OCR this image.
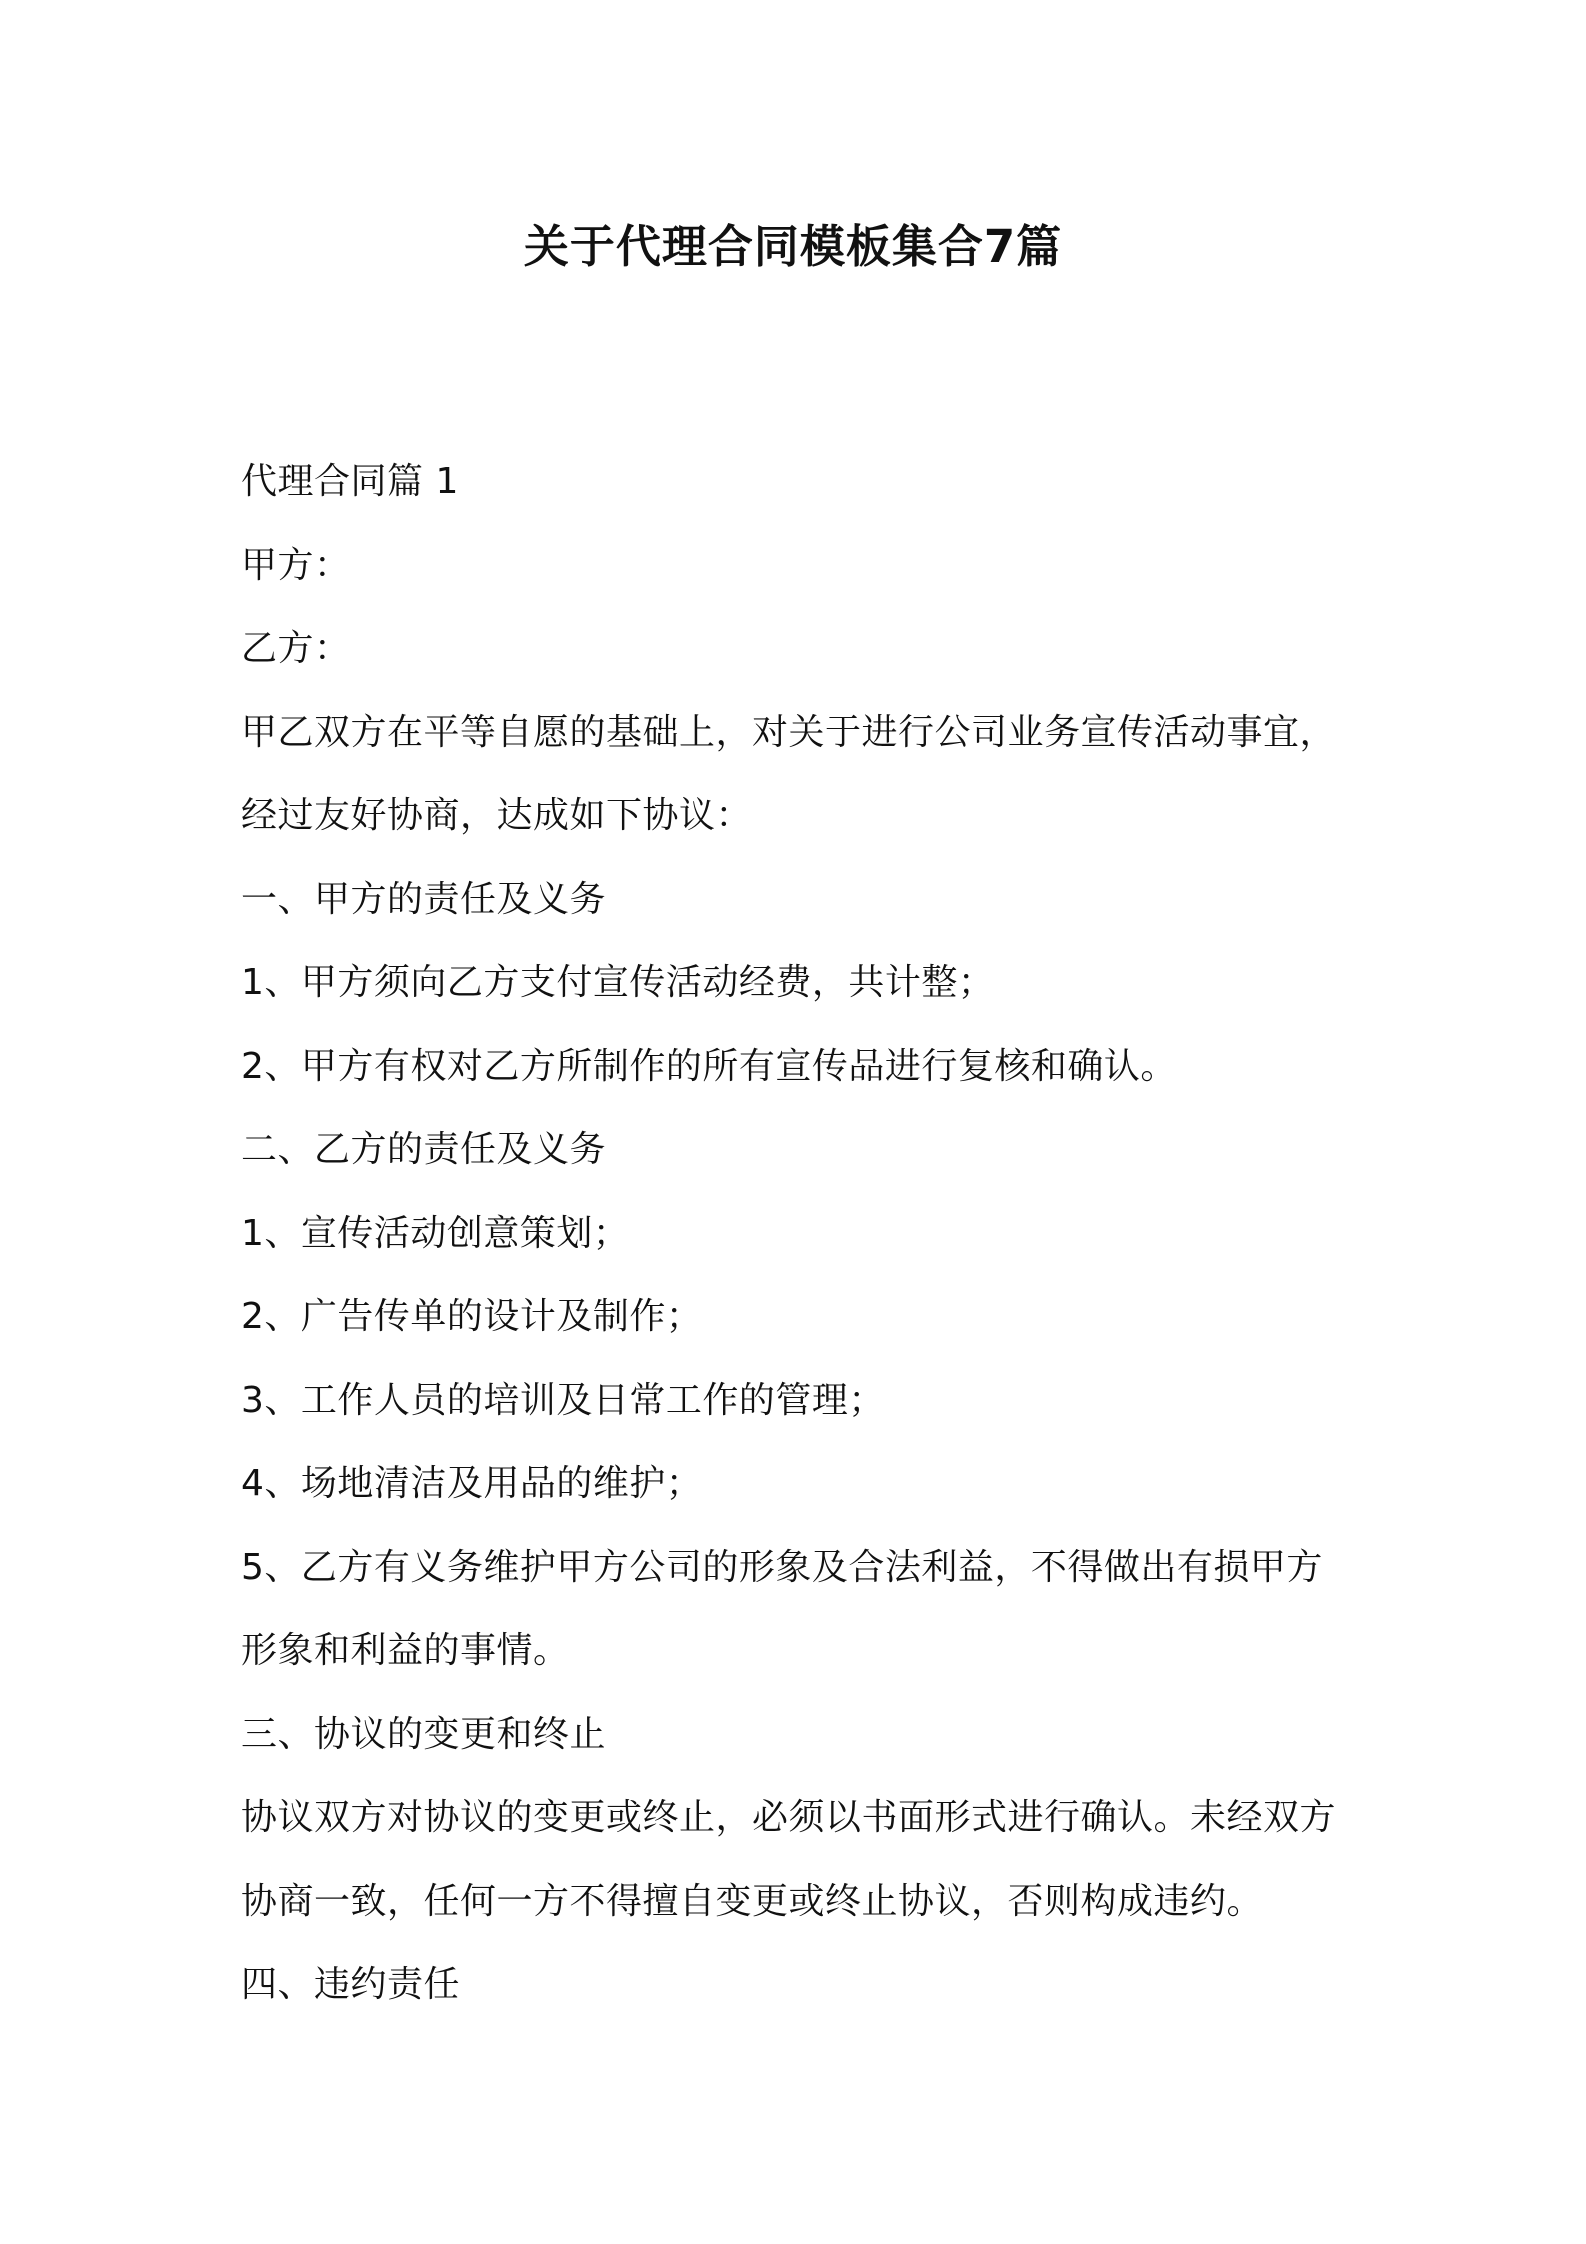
关于代理合同模板集合7篇
代理合同篇 1
甲方：
乙方：
甲乙双方在平等自愿的基础上，对关于进行公司业务宣传活动事宜，
经过友好协商，达成如下协议：
一、甲方的责任及义务
1、甲方须向乙方支付宣传活动经费，共计整；
2、甲方有权对乙方所制作的所有宣传品进行复核和确认。
二、乙方的责任及义务
1、宣传活动创意策划；
2、广告传单的设计及制作；
3、工作人员的培训及日常工作的管理；
4、场地清洁及用品的维护；
5、乙方有义务维护甲方公司的形象及合法利益，不得做出有损甲方
形象和利益的事情。
三、协议的变更和终止
协议双方对协议的变更或终止，必须以书面形式进行确认。未经双方
协商一致，任何一方不得擅自变更或终止协议，否则构成违约。
四、违约责任
